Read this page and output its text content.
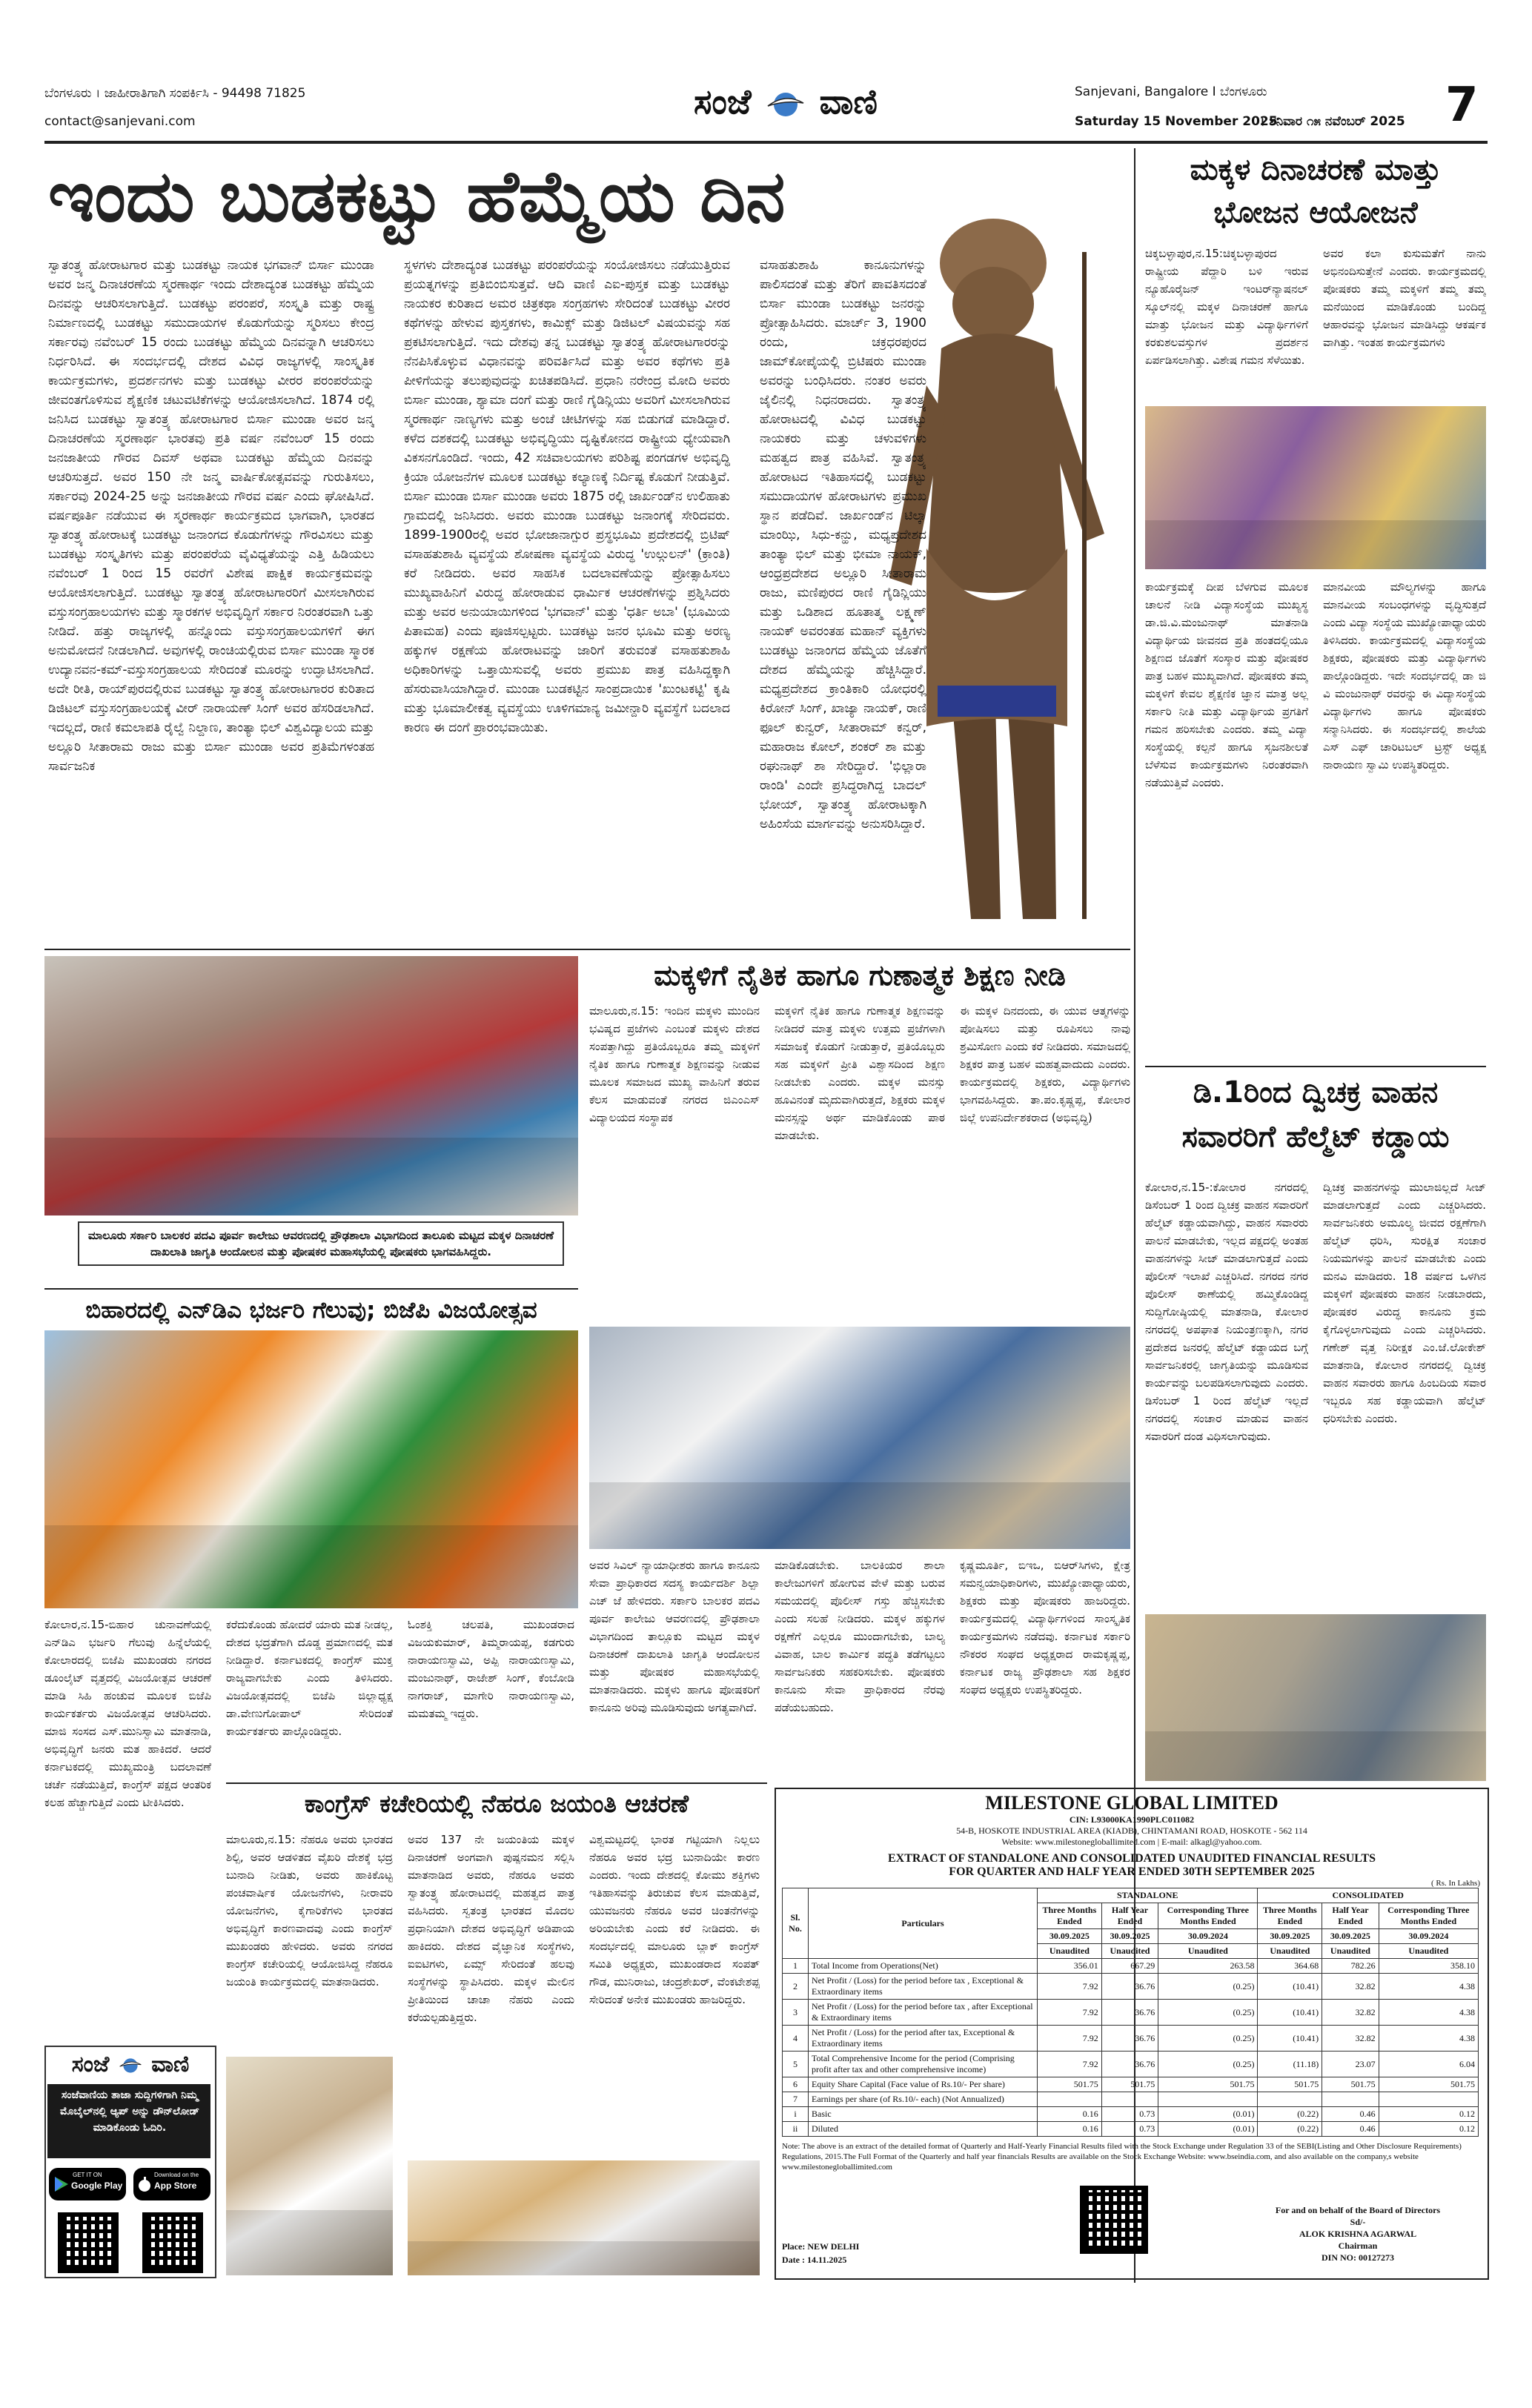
ಬೆಂಗಳೂರು । ಜಾಹೀರಾತಿಗಾಗಿ ಸಂಪರ್ಕಿಸಿ - 94498 71825
contact@sanjevani.com	ಸಂಜೆ ವಾಣಿ	Sanjevani, Bangalore I ಬೆಂಗಳೂರು
Saturday 15 November 2025
। ಶನಿವಾರ ೧೫ ನವೆಂಬರ್ 2025 7
ಇಂದು ಬುಡಕಟ್ಟು ಹೆಮ್ಮೆಯ ದಿನ
ಸ್ವಾತಂತ್ರ್ಯ ಹೋರಾಟಗಾರ ಮತ್ತು ಬುಡಕಟ್ಟು ನಾಯಕ ಭಗವಾನ್ ಬಿರ್ಸಾ ಮುಂಡಾ ಅವರ ಜನ್ಮ ದಿನಾಚರಣೆಯ ಸ್ಮರಣಾರ್ಥ ಇಂದು ದೇಶಾದ್ಯಂತ ಬುಡಕಟ್ಟು ಹೆಮ್ಮೆಯ ದಿನವನ್ನು ಆಚರಿಸಲಾಗುತ್ತಿದೆ. ಬುಡಕಟ್ಟು ಪರಂಪರೆ, ಸಂಸ್ಕೃತಿ ಮತ್ತು ರಾಷ್ಟ್ರ ನಿರ್ಮಾಣದಲ್ಲಿ ಬುಡಕಟ್ಟು ಸಮುದಾಯಗಳ ಕೊಡುಗೆಯನ್ನು ಸ್ಮರಿಸಲು ಕೇಂದ್ರ ಸರ್ಕಾರವು ನವೆಂಬರ್ 15 ರಂದು ಬುಡಕಟ್ಟು ಹೆಮ್ಮೆಯ ದಿನವನ್ನಾಗಿ ಆಚರಿಸಲು ನಿರ್ಧರಿಸಿದೆ. ಈ ಸಂದರ್ಭದಲ್ಲಿ ದೇಶದ ವಿವಿಧ ರಾಜ್ಯಗಳಲ್ಲಿ ಸಾಂಸ್ಕೃತಿಕ ಕಾರ್ಯಕ್ರಮಗಳು, ಪ್ರದರ್ಶನಗಳು ಮತ್ತು ಬುಡಕಟ್ಟು ವೀರರ ಪರಂಪರೆಯನ್ನು ಜೀವಂತಗೊಳಿಸುವ ಶೈಕ್ಷಣಿಕ ಚಟುವಟಿಕೆಗಳನ್ನು ಆಯೋಜಿಸಲಾಗಿದೆ. 1874 ರಲ್ಲಿ ಜನಿಸಿದ ಬುಡಕಟ್ಟು ಸ್ವಾತಂತ್ರ್ಯ ಹೋರಾಟಗಾರ ಬಿರ್ಸಾ ಮುಂಡಾ ಅವರ ಜನ್ಮ ದಿನಾಚರಣೆಯ ಸ್ಮರಣಾರ್ಥ ಭಾರತವು ಪ್ರತಿ ವರ್ಷ ನವೆಂಬರ್ 15 ರಂದು ಜನಜಾತೀಯ ಗೌರವ ದಿವಸ್ ಅಥವಾ ಬುಡಕಟ್ಟು ಹೆಮ್ಮೆಯ ದಿನವನ್ನು ಆಚರಿಸುತ್ತದೆ. ಅವರ 150 ನೇ ಜನ್ಮ ವಾರ್ಷಿಕೋತ್ಸವವನ್ನು ಗುರುತಿಸಲು, ಸರ್ಕಾರವು 2024-25 ಅನ್ನು ಜನಜಾತೀಯ ಗೌರವ ವರ್ಷ ಎಂದು ಘೋಷಿಸಿದೆ. ವರ್ಷಪೂರ್ತಿ ನಡೆಯುವ ಈ ಸ್ಮರಣಾರ್ಥ ಕಾರ್ಯಕ್ರಮದ ಭಾಗವಾಗಿ, ಭಾರತದ ಸ್ವಾತಂತ್ರ್ಯ ಹೋರಾಟಕ್ಕೆ ಬುಡಕಟ್ಟು ಜನಾಂಗದ ಕೊಡುಗೆಗಳನ್ನು ಗೌರವಿಸಲು ಮತ್ತು ಬುಡಕಟ್ಟು ಸಂಸ್ಕೃತಿಗಳು ಮತ್ತು ಪರಂಪರೆಯ ವೈವಿಧ್ಯತೆಯನ್ನು ಎತ್ತಿ ಹಿಡಿಯಲು ನವೆಂಬರ್ 1 ರಿಂದ 15 ರವರೆಗೆ ವಿಶೇಷ ಪಾಕ್ಷಿಕ ಕಾರ್ಯಕ್ರಮವನ್ನು ಆಯೋಜಿಸಲಾಗುತ್ತಿದೆ. ಬುಡಕಟ್ಟು ಸ್ವಾತಂತ್ರ್ಯ ಹೋರಾಟಗಾರರಿಗೆ ಮೀಸಲಾಗಿರುವ ವಸ್ತುಸಂಗ್ರಹಾಲಯಗಳು ಮತ್ತು ಸ್ಮಾರಕಗಳ ಅಭಿವೃದ್ಧಿಗೆ ಸರ್ಕಾರ ನಿರಂತರವಾಗಿ ಒತ್ತು ನೀಡಿದೆ. ಹತ್ತು ರಾಜ್ಯಗಳಲ್ಲಿ ಹನ್ನೊಂದು ವಸ್ತುಸಂಗ್ರಹಾಲಯಗಳಿಗೆ ಈಗ ಅನುಮೋದನೆ ನೀಡಲಾಗಿದೆ. ಅವುಗಳಲ್ಲಿ ರಾಂಚಿಯಲ್ಲಿರುವ ಬಿರ್ಸಾ ಮುಂಡಾ ಸ್ಮಾರಕ ಉದ್ಯಾನವನ-ಕಮ್-ವಸ್ತುಸಂಗ್ರಹಾಲಯ ಸೇರಿದಂತೆ ಮೂರನ್ನು ಉದ್ಘಾಟಿಸಲಾಗಿದೆ. ಅದೇ ರೀತಿ, ರಾಯ್‌ಪುರದಲ್ಲಿರುವ ಬುಡಕಟ್ಟು ಸ್ವಾತಂತ್ರ್ಯ ಹೋರಾಟಗಾರರ ಕುರಿತಾದ ಡಿಜಿಟಲ್ ವಸ್ತುಸಂಗ್ರಹಾಲಯಕ್ಕೆ ವೀರ್ ನಾರಾಯಣ್ ಸಿಂಗ್ ಅವರ ಹೆಸರಿಡಲಾಗಿದೆ. ಇದಲ್ಲದೆ, ರಾಣಿ ಕಮಲಾಪತಿ ರೈಲ್ವೆ ನಿಲ್ದಾಣ, ತಾಂತ್ಯಾ ಭಿಲ್ ವಿಶ್ವವಿದ್ಯಾಲಯ ಮತ್ತು ಅಲ್ಲೂರಿ ಸೀತಾರಾಮ ರಾಜು ಮತ್ತು ಬಿರ್ಸಾ ಮುಂಡಾ ಅವರ ಪ್ರತಿಮೆಗಳಂತಹ ಸಾರ್ವಜನಿಕ
ಸ್ಥಳಗಳು ದೇಶಾದ್ಯಂತ ಬುಡಕಟ್ಟು ಪರಂಪರೆಯನ್ನು ಸಂಯೋಜಿಸಲು ನಡೆಯುತ್ತಿರುವ ಪ್ರಯತ್ನಗಳನ್ನು ಪ್ರತಿಬಿಂಬಿಸುತ್ತವೆ. ಆದಿ ವಾಣಿ ಎಐ-ಪುಸ್ತಕ ಮತ್ತು ಬುಡಕಟ್ಟು ನಾಯಕರ ಕುರಿತಾದ ಅಮರ ಚಿತ್ರಕಥಾ ಸಂಗ್ರಹಗಳು ಸೇರಿದಂತೆ ಬುಡಕಟ್ಟು ವೀರರ ಕಥೆಗಳನ್ನು ಹೇಳುವ ಪುಸ್ತಕಗಳು, ಕಾಮಿಕ್ಸ್ ಮತ್ತು ಡಿಜಿಟಲ್ ವಿಷಯವನ್ನು ಸಹ ಪ್ರಕಟಿಸಲಾಗುತ್ತಿದೆ. ಇದು ದೇಶವು ತನ್ನ ಬುಡಕಟ್ಟು ಸ್ವಾತಂತ್ರ್ಯ ಹೋರಾಟಗಾರರನ್ನು ನೆನಪಿಸಿಕೊಳ್ಳುವ ವಿಧಾನವನ್ನು ಪರಿವರ್ತಿಸಿದೆ ಮತ್ತು ಅವರ ಕಥೆಗಳು ಪ್ರತಿ ಪೀಳಿಗೆಯನ್ನು ತಲುಪುವುದನ್ನು ಖಚಿತಪಡಿಸಿದೆ. ಪ್ರಧಾನಿ ನರೇಂದ್ರ ಮೋದಿ ಅವರು ಬಿರ್ಸಾ ಮುಂಡಾ, ಶ್ಯಾಮಾ ದಂಗೆ ಮತ್ತು ರಾಣಿ ಗೈಡಿನ್ಲಿಯು ಅವರಿಗೆ ಮೀಸಲಾಗಿರುವ ಸ್ಮರಣಾರ್ಥ ನಾಣ್ಯಗಳು ಮತ್ತು ಅಂಚೆ ಚೀಟಿಗಳನ್ನು ಸಹ ಬಿಡುಗಡೆ ಮಾಡಿದ್ದಾರೆ. ಕಳೆದ ದಶಕದಲ್ಲಿ ಬುಡಕಟ್ಟು ಅಭಿವೃದ್ಧಿಯು ದೃಷ್ಟಿಕೋನದ ರಾಷ್ಟ್ರೀಯ ಧ್ಯೇಯವಾಗಿ ವಿಕಸನಗೊಂಡಿದೆ. ಇಂದು, 42 ಸಚಿವಾಲಯಗಳು ಪರಿಶಿಷ್ಟ ಪಂಗಡಗಳ ಅಭಿವೃದ್ಧಿ ಕ್ರಿಯಾ ಯೋಜನೆಗಳ ಮೂಲಕ ಬುಡಕಟ್ಟು ಕಲ್ಯಾಣಕ್ಕೆ ನಿರ್ದಿಷ್ಟ ಕೊಡುಗೆ ನೀಡುತ್ತಿವೆ. ಬಿರ್ಸಾ ಮುಂಡಾ ಬಿರ್ಸಾ ಮುಂಡಾ ಅವರು 1875 ರಲ್ಲಿ ಜಾರ್ಖಂಡ್‌ನ ಉಲಿಹಾತು ಗ್ರಾಮದಲ್ಲಿ ಜನಿಸಿದರು. ಅವರು ಮುಂಡಾ ಬುಡಕಟ್ಟು ಜನಾಂಗಕ್ಕೆ ಸೇರಿದವರು. 1899-1900ರಲ್ಲಿ ಅವರ ಭೋಜಾನಾಗ್ಪುರ ಪ್ರಸ್ಥಭೂಮಿ ಪ್ರದೇಶದಲ್ಲಿ ಬ್ರಿಟಿಷ್ ವಸಾಹತುಶಾಹಿ ವ್ಯವಸ್ಥೆಯ ಶೋಷಣಾ ವ್ಯವಸ್ಥೆಯ ವಿರುದ್ಧ 'ಉಲ್ಗುಲನ್' (ಕ್ರಾಂತಿ) ಕರೆ ನೀಡಿದರು. ಅವರ ಸಾಹಸಿಕ ಬದಲಾವಣೆಯನ್ನು ಪ್ರೋತ್ಸಾಹಿಸಲು ಮುಖ್ಯವಾಹಿನಿಗೆ ವಿರುದ್ಧ ಹೋರಾಡುವ ಧಾರ್ಮಿಕ ಆಚರಣೆಗಳನ್ನು ಪ್ರಶ್ನಿಸಿದರು ಮತ್ತು ಅವರ ಅನುಯಾಯಿಗಳಿಂದ 'ಭಗವಾನ್' ಮತ್ತು 'ಧರ್ತಿ ಅಬಾ' (ಭೂಮಿಯ ಪಿತಾಮಹ) ಎಂದು ಪೂಜಿಸಲ್ಪಟ್ಟರು. ಬುಡಕಟ್ಟು ಜನರ ಭೂಮಿ ಮತ್ತು ಅರಣ್ಯ ಹಕ್ಕುಗಳ ರಕ್ಷಣೆಯ ಹೋರಾಟವನ್ನು ಜಾರಿಗೆ ತರುವಂತೆ ವಸಾಹತುಶಾಹಿ ಅಧಿಕಾರಿಗಳನ್ನು ಒತ್ತಾಯಿಸುವಲ್ಲಿ ಅವರು ಪ್ರಮುಖ ಪಾತ್ರ ವಹಿಸಿದ್ದಕ್ಕಾಗಿ ಹೆಸರುವಾಸಿಯಾಗಿದ್ದಾರೆ. ಮುಂಡಾ ಬುಡಕಟ್ಟಿನ ಸಾಂಪ್ರದಾಯಿಕ 'ಖುಂಟಕಟ್ಟಿ' ಕೃಷಿ ಮತ್ತು ಭೂಮಾಲೀಕತ್ವ ವ್ಯವಸ್ಥೆಯು ಊಳಿಗಮಾನ್ಯ ಜಮೀನ್ದಾರಿ ವ್ಯವಸ್ಥೆಗೆ ಬದಲಾದ ಕಾರಣ ಈ ದಂಗೆ ಪ್ರಾರಂಭವಾಯಿತು.
ವಸಾಹತುಶಾಹಿ ಕಾನೂನುಗಳನ್ನು ಪಾಲಿಸದಂತೆ ಮತ್ತು ತೆರಿಗೆ ಪಾವತಿಸದಂತೆ ಬಿರ್ಸಾ ಮುಂಡಾ ಬುಡಕಟ್ಟು ಜನರನ್ನು ಪ್ರೋತ್ಸಾಹಿಸಿದರು. ಮಾರ್ಚ್ 3, 1900 ರಂದು, ಚಕ್ರಧರಪುರದ ಜಾಮ್‌ಕೋಪೈಯಲ್ಲಿ ಬ್ರಿಟಿಷರು ಮುಂಡಾ ಅವರನ್ನು ಬಂಧಿಸಿದರು. ನಂತರ ಅವರು ಜೈಲಿನಲ್ಲಿ ನಿಧನರಾದರು. ಸ್ವಾತಂತ್ರ್ಯ ಹೋರಾಟದಲ್ಲಿ ವಿವಿಧ ಬುಡಕಟ್ಟು ನಾಯಕರು ಮತ್ತು ಚಳುವಳಿಗಳು ಮಹತ್ವದ ಪಾತ್ರ ವಹಿಸಿವೆ. ಸ್ವಾತಂತ್ರ್ಯ ಹೋರಾಟದ ಇತಿಹಾಸದಲ್ಲಿ ಬುಡಕಟ್ಟು ಸಮುದಾಯಗಳ ಹೋರಾಟಗಳು ಪ್ರಮುಖ ಸ್ಥಾನ ಪಡೆದಿವೆ. ಜಾರ್ಖಂಡ್‌ನ ಟಿಲ್ಕಾ ಮಾಂಝಿ, ಸಿಧು-ಕನ್ಹು, ಮಧ್ಯಪ್ರದೇಶದ ತಾಂತ್ಯಾ ಭಿಲ್ ಮತ್ತು ಭೀಮಾ ನಾಯಕ್, ಆಂಧ್ರಪ್ರದೇಶದ ಅಲ್ಲೂರಿ ಸೀತಾರಾಮ ರಾಜು, ಮಣಿಪುರದ ರಾಣಿ ಗೈಡಿನ್ಲಿಯು ಮತ್ತು ಒಡಿಶಾದ ಹೂತಾತ್ಮ ಲಕ್ಷ್ಮಣ್ ನಾಯಕ್ ಅವರಂತಹ ಮಹಾನ್ ವ್ಯಕ್ತಿಗಳು ಬುಡಕಟ್ಟು ಜನಾಂಗದ ಹೆಮ್ಮೆಯ ಜೊತೆಗೆ ದೇಶದ ಹೆಮ್ಮೆಯನ್ನು ಹೆಚ್ಚಿಸಿದ್ದಾರೆ. ಮಧ್ಯಪ್ರದೇಶದ ಕ್ರಾಂತಿಕಾರಿ ಯೋಧರಲ್ಲಿ ಕಿರೋನ್ ಸಿಂಗ್, ಖಾಜ್ಯಾ ನಾಯಕ್, ರಾಣಿ ಫೂಲ್ ಕುನ್ವರ್, ಸೀತಾರಾಮ್ ಕನ್ವರ್, ಮಹಾರಾಜ ಕೋಲ್, ಶಂಕರ್ ಶಾ ಮತ್ತು ರಘುನಾಥ್ ಶಾ ಸೇರಿದ್ದಾರೆ. 'ಭಿಲ್ಲಾರಾ ರಾಂಡಿ' ಎಂದೇ ಪ್ರಸಿದ್ಧರಾಗಿದ್ದ ಬಾದಲ್ ಭೋಯ್, ಸ್ವಾತಂತ್ರ್ಯ ಹೋರಾಟಕ್ಕಾಗಿ ಅಹಿಂಸೆಯ ಮಾರ್ಗವನ್ನು ಅನುಸರಿಸಿದ್ದಾರೆ.
ಮಕ್ಕಳ ದಿನಾಚರಣೆ ಮಾತ್ತು ಭೋಜನ ಆಯೋಜನೆ
ಚಿಕ್ಕಬಳ್ಳಾಪುರ,ನ.15:ಚಿಕ್ಕಬಳ್ಳಾಪುರದ ರಾಷ್ಟ್ರೀಯ ಪೆದ್ದಾರಿ ಬಳಿ ಇರುವ ನ್ಯೂಹೊರೈಜನ್ ಇಂಟರ್‌ನ್ಯಾಷನಲ್ ಸ್ಕೂಲ್‌ನಲ್ಲಿ ಮಕ್ಕಳ ದಿನಾಚರಣೆ ಹಾಗೂ ಮಾತ್ತು ಭೋಜನ ಮತ್ತು ವಿದ್ಯಾರ್ಥಿಗಳಿಗೆ ಕರಕುಶಲವಸ್ತುಗಳ ಪ್ರದರ್ಶನ ಏರ್ಪಡಿಸಲಾಗಿತ್ತು. ವಿಶೇಷ ಗಮನ ಸೆಳೆಯಿತು.
ಅವರ ಕಲಾ ಕುಸುಮತೆಗೆ ನಾನು ಅಭಿನಂದಿಸುತ್ತೇನೆ ಎಂದರು. ಕಾರ್ಯಕ್ರಮದಲ್ಲಿ ಪೋಷಕರು ತಮ್ಮ ಮಕ್ಕಳಿಗೆ ತಮ್ಮ ತಮ್ಮ ಮನೆಯಿಂದ ಮಾಡಿಕೊಂಡು ಬಂದಿದ್ದ ಆಹಾರವನ್ನು ಭೋಜನ ಮಾಡಿಸಿದ್ದು ಆಕರ್ಷಕ ವಾಗಿತ್ತು. ಇಂತಹ ಕಾರ್ಯಕ್ರಮಗಳು
ಕಾರ್ಯಕ್ರಮಕ್ಕೆ ದೀಪ ಬೆಳಗುವ ಮೂಲಕ ಚಾಲನೆ ನೀಡಿ ವಿದ್ಯಾಸಂಸ್ಥೆಯ ಮುಖ್ಯಸ್ಥ ಡಾ.ಜಿ.ವಿ.ಮಂಜುನಾಥ್ ಮಾತನಾಡಿ ವಿದ್ಯಾರ್ಥಿಯ ಜೀವನದ ಪ್ರತಿ ಹಂತದಲ್ಲಿಯೂ ಶಿಕ್ಷಣದ ಜೊತೆಗೆ ಸಂಸ್ಕಾರ ಮತ್ತು ಪೋಷಕರ ಪಾತ್ರ ಬಹಳ ಮುಖ್ಯವಾಗಿದೆ. ಪೋಷಕರು ತಮ್ಮ ಮಕ್ಕಳಿಗೆ ಕೇವಲ ಶೈಕ್ಷಣಿಕ ಜ್ಞಾನ ಮಾತ್ರ ಅಲ್ಲ ಸರ್ಕಾರಿ ನೀತಿ ಮತ್ತು ವಿದ್ಯಾರ್ಥಿಯ ಪ್ರಗತಿಗೆ ಗಮನ ಹರಿಸಬೇಕು ಎಂದರು. ತಮ್ಮ ವಿದ್ಯಾ ಸಂಸ್ಥೆಯಲ್ಲಿ ಕಲ್ಪನೆ ಹಾಗೂ ಸೃಜನಶೀಲತೆ ಬೆಳೆಸುವ ಕಾರ್ಯಕ್ರಮಗಳು ನಿರಂತರವಾಗಿ ನಡೆಯುತ್ತಿವೆ ಎಂದರು.
ಮಾನವೀಯ ಮೌಲ್ಯಗಳನ್ನು ಹಾಗೂ ಮಾನವೀಯ ಸಂಬಂಧಗಳನ್ನು ವೃದ್ಧಿಸುತ್ತದೆ ಎಂದು ವಿದ್ಯಾ ಸಂಸ್ಥೆಯ ಮುಖ್ಯೋಪಾಧ್ಯಾಯರು ತಿಳಿಸಿದರು. ಕಾರ್ಯಕ್ರಮದಲ್ಲಿ ವಿದ್ಯಾಸಂಸ್ಥೆಯ ಶಿಕ್ಷಕರು, ಪೋಷಕರು ಮತ್ತು ವಿದ್ಯಾರ್ಥಿಗಳು ಪಾಲ್ಗೊಂಡಿದ್ದರು. ಇದೇ ಸಂದರ್ಭದಲ್ಲಿ ಡಾ ಜಿ ವಿ ಮಂಜುನಾಥ್ ರವರನ್ನು ಈ ವಿದ್ಯಾಸಂಸ್ಥೆಯ ವಿದ್ಯಾರ್ಥಿಗಳು ಹಾಗೂ ಪೋಷಕರು ಸನ್ಮಾನಿಸಿದರು. ಈ ಸಂದರ್ಭದಲ್ಲಿ ಶಾಲೆಯ ಎಸ್ ಎಫ್ ಚಾರಿಟಬಲ್ ಟ್ರಸ್ಟ್ ಅಧ್ಯಕ್ಷ ನಾರಾಯಣ ಸ್ವಾಮಿ ಉಪಸ್ಥಿತರಿದ್ದರು.
ಡಿ.1ರಿಂದ ದ್ವಿಚಕ್ರ ವಾಹನ
ಸವಾರರಿಗೆ ಹೆಲ್ಮೆಟ್ ಕಡ್ಡಾಯ
ಕೋಲಾರ,ನ.15-:ಕೋಲಾರ ನಗರದಲ್ಲಿ ಡಿಸೆಂಬರ್ 1 ರಿಂದ ದ್ವಿಚಕ್ರ ವಾಹನ ಸವಾರರಿಗೆ ಹೆಲ್ಮೆಟ್ ಕಡ್ಡಾಯವಾಗಿದ್ದು, ವಾಹನ ಸವಾರರು ಪಾಲನೆ ಮಾಡಬೇಕು, ಇಲ್ಲದ ಪಕ್ಷದಲ್ಲಿ ಅಂತಹ ವಾಹನಗಳನ್ನು ಸೀಜ್ ಮಾಡಲಾಗುತ್ತದೆ ಎಂದು ಪೊಲೀಸ್ ಇಲಾಖೆ ಎಚ್ಚರಿಸಿದೆ. ನಗರದ ನಗರ ಪೊಲೀಸ್ ಠಾಣೆಯಲ್ಲಿ ಹಮ್ಮಿಕೊಂಡಿದ್ದ ಸುದ್ದಿಗೋಷ್ಠಿಯಲ್ಲಿ ಮಾತನಾಡಿ, ಕೋಲಾರ ನಗರದಲ್ಲಿ ಅಪಘಾತ ನಿಯಂತ್ರಣಕ್ಕಾಗಿ, ನಗರ ಪ್ರದೇಶದ ಜನರಲ್ಲಿ ಹೆಲ್ಮೆಟ್ ಕಡ್ಡಾಯದ ಬಗ್ಗೆ ಸಾರ್ವಜನಿಕರಲ್ಲಿ ಜಾಗೃತಿಯನ್ನು ಮೂಡಿಸುವ ಕಾರ್ಯವನ್ನು ಬಲಪಡಿಸಲಾಗುವುದು ಎಂದರು. ಡಿಸೆಂಬರ್ 1 ರಿಂದ ಹೆಲ್ಮೆಟ್ ಇಲ್ಲದೆ ನಗರದಲ್ಲಿ ಸಂಚಾರ ಮಾಡುವ ವಾಹನ ಸವಾರರಿಗೆ ದಂಡ ವಿಧಿಸಲಾಗುವುದು.
ದ್ವಿಚಕ್ರ ವಾಹನಗಳನ್ನು ಮುಲಾಜಿಲ್ಲದೆ ಸೀಜ್ ಮಾಡಲಾಗುತ್ತದೆ ಎಂದು ಎಚ್ಚರಿಸಿದರು. ಸಾರ್ವಜನಿಕರು ಅಮೂಲ್ಯ ಜೀವದ ರಕ್ಷಣೆಗಾಗಿ ಹೆಲ್ಮೆಟ್ ಧರಿಸಿ, ಸುರಕ್ಷಿತ ಸಂಚಾರ ನಿಯಮಗಳನ್ನು ಪಾಲನೆ ಮಾಡಬೇಕು ಎಂದು ಮನವಿ ಮಾಡಿದರು. 18 ವರ್ಷದ ಒಳಗಿನ ಮಕ್ಕಳಿಗೆ ಪೋಷಕರು ವಾಹನ ನೀಡಬಾರದು, ಪೋಷಕರ ವಿರುದ್ಧ ಕಾನೂನು ಕ್ರಮ ಕೈಗೊಳ್ಳಲಾಗುವುದು ಎಂದು ಎಚ್ಚರಿಸಿದರು. ಗಣೇಶ್ ವೃತ್ತ ನಿರೀಕ್ಷಕ ಎಂ.ಜೆ.ಲೋಕೇಶ್ ಮಾತನಾಡಿ, ಕೋಲಾರ ನಗರದಲ್ಲಿ ದ್ವಿಚಕ್ರ ವಾಹನ ಸವಾರರು ಹಾಗೂ ಹಿಂಬದಿಯ ಸವಾರ ಇಬ್ಬರೂ ಸಹ ಕಡ್ಡಾಯವಾಗಿ ಹೆಲ್ಮೆಟ್ ಧರಿಸಬೇಕು ಎಂದರು.
ಮಾಲೂರು ಸರ್ಕಾರಿ ಬಾಲಕರ ಪದವಿ ಪೂರ್ವ ಕಾಲೇಜು ಆವರಣದಲ್ಲಿ ಪ್ರೌಢಶಾಲಾ ವಿಭಾಗದಿಂದ ತಾಲೂಕು ಮಟ್ಟದ ಮಕ್ಕಳ ದಿನಾಚರಣೆ ದಾಖಲಾತಿ ಜಾಗೃತಿ ಆಂದೋಲನ ಮತ್ತು ಪೋಷಕರ ಮಹಾಸಭೆಯಲ್ಲಿ ಪೋಷಕರು ಭಾಗವಹಿಸಿದ್ದರು.
ಮಕ್ಕಳಿಗೆ ನೈತಿಕ ಹಾಗೂ ಗುಣಾತ್ಮಕ ಶಿಕ್ಷಣ ನೀಡಿ
ಮಾಲೂರು,ನ.15: ಇಂದಿನ ಮಕ್ಕಳು ಮುಂದಿನ ಭವಿಷ್ಯದ ಪ್ರಜೆಗಳು ಎಂಬಂತೆ ಮಕ್ಕಳು ದೇಶದ ಸಂಪತ್ತಾಗಿದ್ದು ಪ್ರತಿಯೊಬ್ಬರೂ ತಮ್ಮ ಮಕ್ಕಳಿಗೆ ನೈತಿಕ ಹಾಗೂ ಗುಣಾತ್ಮಕ ಶಿಕ್ಷಣವನ್ನು ನೀಡುವ ಮೂಲಕ ಸಮಾಜದ ಮುಖ್ಯ ವಾಹಿನಿಗೆ ತರುವ ಕೆಲಸ ಮಾಡುವಂತೆ ನಗರದ ಜಿಎಂಎಸ್ ವಿದ್ಯಾಲಯದ ಸಂಸ್ಥಾಪಕ
ಮಕ್ಕಳಿಗೆ ನೈತಿಕ ಹಾಗೂ ಗುಣಾತ್ಮಕ ಶಿಕ್ಷಣವನ್ನು ನೀಡಿದರೆ ಮಾತ್ರ ಮಕ್ಕಳು ಉತ್ತಮ ಪ್ರಜೆಗಳಾಗಿ ಸಮಾಜಕ್ಕೆ ಕೊಡುಗೆ ನೀಡುತ್ತಾರೆ, ಪ್ರತಿಯೊಬ್ಬರು ಸಹ ಮಕ್ಕಳಿಗೆ ಪ್ರೀತಿ ವಿಶ್ವಾಸದಿಂದ ಶಿಕ್ಷಣ ನೀಡಬೇಕು ಎಂದರು. ಮಕ್ಕಳ ಮನಸ್ಸು ಹೂವಿನಂತೆ ಮೃದುವಾಗಿರುತ್ತದೆ, ಶಿಕ್ಷಕರು ಮಕ್ಕಳ ಮನಸ್ಸನ್ನು ಅರ್ಥ ಮಾಡಿಕೊಂಡು ಪಾಠ ಮಾಡಬೇಕು.
ಈ ಮಕ್ಕಳ ದಿನದಂದು, ಈ ಯುವ ಆತ್ಮಗಳನ್ನು ಪೋಷಿಸಲು ಮತ್ತು ರೂಪಿಸಲು ನಾವು ಶ್ರಮಿಸೋಣ ಎಂದು ಕರೆ ನೀಡಿದರು. ಸಮಾಜದಲ್ಲಿ ಶಿಕ್ಷಕರ ಪಾತ್ರ ಬಹಳ ಮಹತ್ವವಾದುದು ಎಂದರು. ಕಾರ್ಯಕ್ರಮದಲ್ಲಿ ಶಿಕ್ಷಕರು, ವಿದ್ಯಾರ್ಥಿಗಳು ಭಾಗವಹಿಸಿದ್ದರು. ತಾ.ಪಂ.ಕೃಷ್ಣಪ್ಪ, ಕೋಲಾರ ಜಿಲ್ಲೆ ಉಪನಿರ್ದೇಶಕರಾದ (ಅಭಿವೃದ್ಧಿ)
ಅವರ ಸಿವಿಲ್ ನ್ಯಾಯಾಧೀಶರು ಹಾಗೂ ಕಾನೂನು ಸೇವಾ ಪ್ರಾಧಿಕಾರದ ಸದಸ್ಯ ಕಾರ್ಯದರ್ಶಿ ಶಿಲ್ಪಾ ಎಚ್ ಜೆ ಹೇಳಿದರು. ಸರ್ಕಾರಿ ಬಾಲಕರ ಪದವಿ ಪೂರ್ವ ಕಾಲೇಜು ಆವರಣದಲ್ಲಿ ಪ್ರೌಢಶಾಲಾ ವಿಭಾಗದಿಂದ ತಾಲ್ಲೂಕು ಮಟ್ಟದ ಮಕ್ಕಳ ದಿನಾಚರಣೆ ದಾಖಲಾತಿ ಜಾಗೃತಿ ಆಂದೋಲನ ಮತ್ತು ಪೋಷಕರ ಮಹಾಸಭೆಯಲ್ಲಿ ಮಾತನಾಡಿದರು. ಮಕ್ಕಳು ಹಾಗೂ ಪೋಷಕರಿಗೆ ಕಾನೂನು ಅರಿವು ಮೂಡಿಸುವುದು ಅಗತ್ಯವಾಗಿದೆ.
ಮಾಡಿಕೊಡಬೇಕು. ಬಾಲಕಿಯರ ಶಾಲಾ ಕಾಲೇಜುಗಳಿಗೆ ಹೋಗುವ ವೇಳೆ ಮತ್ತು ಬರುವ ಸಮಯದಲ್ಲಿ ಪೊಲೀಸ್ ಗಸ್ತು ಹೆಚ್ಚಿಸಬೇಕು ಎಂದು ಸಲಹೆ ನೀಡಿದರು. ಮಕ್ಕಳ ಹಕ್ಕುಗಳ ರಕ್ಷಣೆಗೆ ಎಲ್ಲರೂ ಮುಂದಾಗಬೇಕು, ಬಾಲ್ಯ ವಿವಾಹ, ಬಾಲ ಕಾರ್ಮಿಕ ಪದ್ಧತಿ ತಡೆಗಟ್ಟಲು ಸಾರ್ವಜನಿಕರು ಸಹಕರಿಸಬೇಕು. ಪೋಷಕರು ಕಾನೂನು ಸೇವಾ ಪ್ರಾಧಿಕಾರದ ನೆರವು ಪಡೆಯಬಹುದು.
ಕೃಷ್ಣಮೂರ್ತಿ, ಬಿಇಒ, ಬಿಆರ್‌ಸಿಗಳು, ಕ್ಷೇತ್ರ ಸಮನ್ವಯಾಧಿಕಾರಿಗಳು, ಮುಖ್ಯೋಪಾಧ್ಯಾಯರು, ಶಿಕ್ಷಕರು ಮತ್ತು ಪೋಷಕರು ಹಾಜರಿದ್ದರು. ಕಾರ್ಯಕ್ರಮದಲ್ಲಿ ವಿದ್ಯಾರ್ಥಿಗಳಿಂದ ಸಾಂಸ್ಕೃತಿಕ ಕಾರ್ಯಕ್ರಮಗಳು ನಡೆದವು. ಕರ್ನಾಟಕ ಸರ್ಕಾರಿ ನೌಕರರ ಸಂಘದ ಅಧ್ಯಕ್ಷರಾದ ರಾಮಕೃಷ್ಣಪ್ಪ, ಕರ್ನಾಟಕ ರಾಜ್ಯ ಪ್ರೌಢಶಾಲಾ ಸಹ ಶಿಕ್ಷಕರ ಸಂಘದ ಅಧ್ಯಕ್ಷರು ಉಪಸ್ಥಿತರಿದ್ದರು.
ಬಿಹಾರದಲ್ಲಿ ಎನ್‌ಡಿಎ ಭರ್ಜರಿ ಗೆಲುವು; ಬಿಜೆಪಿ ವಿಜಯೋತ್ಸವ
ಕೋಲಾರ,ನ.15-ಬಿಹಾರ ಚುನಾವಣೆಯಲ್ಲಿ ಎನ್‌ಡಿಎ ಭರ್ಜರಿ ಗೆಲುವು ಹಿನ್ನೆಲೆಯಲ್ಲಿ ಕೋಲಾರದಲ್ಲಿ ಬಿಜೆಪಿ ಮುಖಂಡರು ನಗರದ ಡೂಂಲೈಟ್ ವೃತ್ತದಲ್ಲಿ ವಿಜಯೋತ್ಸವ ಆಚರಣೆ ಮಾಡಿ ಸಿಹಿ ಹಂಚುವ ಮೂಲಕ ಬಿಜೆಪಿ ಕಾರ್ಯಕರ್ತರು ವಿಜಯೋತ್ಸವ ಆಚರಿಸಿದರು. ಮಾಜಿ ಸಂಸದ ಎಸ್.ಮುನಿಸ್ವಾಮಿ ಮಾತನಾಡಿ, ಅಭಿವೃದ್ಧಿಗೆ ಜನರು ಮತ ಹಾಕಿದರೆ. ಆದರೆ ಕರ್ನಾಟಕದಲ್ಲಿ ಮುಖ್ಯಮಂತ್ರಿ ಬದಲಾವಣೆ ಚರ್ಚೆ ನಡೆಯುತ್ತಿದೆ, ಕಾಂಗ್ರೆಸ್ ಪಕ್ಷದ ಆಂತರಿಕ ಕಲಹ ಹೆಚ್ಚಾಗುತ್ತಿದೆ ಎಂದು ಟೀಕಿಸಿದರು.
ಕರೆದುಕೊಂಡು ಹೋದರೆ ಯಾರು ಮತ ನೀಡಲ್ಲ, ದೇಶದ ಭದ್ರತೆಗಾಗಿ ದೊಡ್ಡ ಪ್ರಮಾಣದಲ್ಲಿ ಮತ ನೀಡಿದ್ದಾರೆ. ಕರ್ನಾಟಕದಲ್ಲಿ ಕಾಂಗ್ರೆಸ್ ಮುಕ್ತ ರಾಜ್ಯವಾಗಬೇಕು ಎಂದು ತಿಳಿಸಿದರು. ವಿಜಯೋತ್ಸವದಲ್ಲಿ ಬಿಜೆಪಿ ಜಿಲ್ಲಾಧ್ಯಕ್ಷ ಡಾ.ವೇಣುಗೋಪಾಲ್ ಸೇರಿದಂತೆ ಕಾರ್ಯಕರ್ತರು ಪಾಲ್ಗೊಂಡಿದ್ದರು.
ಓಂಶಕ್ತಿ ಚಲಪತಿ, ಮುಖಂಡರಾದ ವಿಜಯಕುಮಾರ್, ತಿಮ್ಮರಾಯಪ್ಪ, ಕಡಗುರು ನಾರಾಯಣಸ್ವಾಮಿ, ಅಪ್ಪಿ ನಾರಾಯಣಸ್ವಾಮಿ, ಮಂಜುನಾಥ್, ರಾಜೇಶ್ ಸಿಂಗ್, ಕೆಂಬೋಡಿ ನಾಗರಾಜ್, ಮಾಗೇರಿ ನಾರಾಯಣಸ್ವಾಮಿ, ಮಮತಮ್ಮ ಇದ್ದರು.
ಕಾಂಗ್ರೆಸ್ ಕಚೇರಿಯಲ್ಲಿ ನೆಹರೂ ಜಯಂತಿ ಆಚರಣೆ
ಮಾಲೂರು,ನ.15: ನೆಹರೂ ಅವರು ಭಾರತದ ಶಿಲ್ಪಿ, ಅವರ ಆಡಳಿತದ ವೈಖರಿ ದೇಶಕ್ಕೆ ಭದ್ರ ಬುನಾದಿ ನೀಡಿತು, ಅವರು ಹಾಕಿಕೊಟ್ಟ ಪಂಚವಾರ್ಷಿಕ ಯೋಜನೆಗಳು, ನೀರಾವರಿ ಯೋಜನೆಗಳು, ಕೈಗಾರಿಕೆಗಳು ಭಾರತದ ಅಭಿವೃದ್ಧಿಗೆ ಕಾರಣವಾದವು ಎಂದು ಕಾಂಗ್ರೆಸ್ ಮುಖಂಡರು ಹೇಳಿದರು. ಅವರು ನಗರದ ಕಾಂಗ್ರೆಸ್ ಕಚೇರಿಯಲ್ಲಿ ಆಯೋಜಿಸಿದ್ದ ನೆಹರೂ ಜಯಂತಿ ಕಾರ್ಯಕ್ರಮದಲ್ಲಿ ಮಾತನಾಡಿದರು.
ಅವರ 137 ನೇ ಜಯಂತಿಯ ಮಕ್ಕಳ ದಿನಾಚರಣೆ ಅಂಗವಾಗಿ ಪುಷ್ಪನಮನ ಸಲ್ಲಿಸಿ ಮಾತನಾಡಿದ ಅವರು, ನೆಹರೂ ಅವರು ಸ್ವಾತಂತ್ರ್ಯ ಹೋರಾಟದಲ್ಲಿ ಮಹತ್ವದ ಪಾತ್ರ ವಹಿಸಿದರು. ಸ್ವತಂತ್ರ ಭಾರತದ ಮೊದಲ ಪ್ರಧಾನಿಯಾಗಿ ದೇಶದ ಅಭಿವೃದ್ಧಿಗೆ ಅಡಿಪಾಯ ಹಾಕಿದರು. ದೇಶದ ವೈಜ್ಞಾನಿಕ ಸಂಸ್ಥೆಗಳು, ಐಐಟಿಗಳು, ಏಮ್ಸ್ ಸೇರಿದಂತೆ ಹಲವು ಸಂಸ್ಥೆಗಳನ್ನು ಸ್ಥಾಪಿಸಿದರು. ಮಕ್ಕಳ ಮೇಲಿನ ಪ್ರೀತಿಯಿಂದ ಚಾಚಾ ನೆಹರು ಎಂದು ಕರೆಯಲ್ಪಡುತ್ತಿದ್ದರು.
ವಿಶ್ವಮಟ್ಟದಲ್ಲಿ ಭಾರತ ಗಟ್ಟಿಯಾಗಿ ನಿಲ್ಲಲು ನೆಹರೂ ಅವರ ಭದ್ರ ಬುನಾದಿಯೇ ಕಾರಣ ಎಂದರು. ಇಂದು ದೇಶದಲ್ಲಿ ಕೋಮು ಶಕ್ತಿಗಳು ಇತಿಹಾಸವನ್ನು ತಿರುಚುವ ಕೆಲಸ ಮಾಡುತ್ತಿವೆ, ಯುವಜನರು ನೆಹರೂ ಅವರ ಚಿಂತನೆಗಳನ್ನು ಅರಿಯಬೇಕು ಎಂದು ಕರೆ ನೀಡಿದರು. ಈ ಸಂದರ್ಭದಲ್ಲಿ ಮಾಲೂರು ಬ್ಲಾಕ್ ಕಾಂಗ್ರೆಸ್ ಸಮಿತಿ ಅಧ್ಯಕ್ಷರು, ಮುಖಂಡರಾದ ಸಂಪತ್ ಗೌಡ, ಮುನಿರಾಜು, ಚಂದ್ರಶೇಖರ್, ವೆಂಕಟೇಶಪ್ಪ ಸೇರಿದಂತೆ ಅನೇಕ ಮುಖಂಡರು ಹಾಜರಿದ್ದರು.
ಸಂಜೆ ವಾಣಿ
ಸಂಜೆವಾಣಿಯ ತಾಜಾ ಸುದ್ದಿಗಳಿಗಾಗಿ ನಿಮ್ಮ ಮೊಬೈಲ್‌ನಲ್ಲಿ ಆ್ಯಪ್ ಅನ್ನು ಡೌನ್‌ಲೋಡ್ ಮಾಡಿಕೊಂಡು ಓದಿರಿ.
GET IT ON
Google Play
Download on the
App Store
MILESTONE GLOBAL LIMITED
CIN: L93000KA1990PLC011082
54-B, HOSKOTE INDUSTRIAL AREA (KIADB), CHINTAMANI ROAD, HOSKOTE - 562 114
Website: www.milestonegloballimited.com | E-mail: alkagl@yahoo.com.
EXTRACT OF STANDALONE AND CONSOLIDATED UNAUDITED FINANCIAL RESULTS
FOR QUARTER AND HALF YEAR ENDED 30TH SEPTEMBER 2025
( Rs. In Lakhs)
Sl. No.	Particulars	STANDALONE			CONSOLIDATED		
		Three Months Ended	Half Year Ended	Corresponding Three Months Ended	Three Months Ended	Half Year Ended	Corresponding Three Months Ended
		30.09.2025	30.09.2025	30.09.2024	30.09.2025	30.09.2025	30.09.2024
		Unaudited	Unaudited	Unaudited	Unaudited	Unaudited	Unaudited
1	Total Income from Operations(Net)	356.01	667.29	263.58	364.68	782.26	358.10
2	Net Profit / (Loss) for the period before tax , Exceptional & Extraordinary items	7.92	36.76	(0.25)	(10.41)	32.82	4.38
3	Net Profit / (Loss) for the period before tax , after Exceptional & Extraordinary items	7.92	36.76	(0.25)	(10.41)	32.82	4.38
4	Net Profit / (Loss) for the period after tax, Exceptional & Extraordinary items	7.92	36.76	(0.25)	(10.41)	32.82	4.38
5	Total Comprehensive Income for the period (Comprising profit after tax and other comprehensive income)	7.92	36.76	(0.25)	(11.18)	23.07	6.04
6	Equity Share Capital (Face value of Rs.10/- Per share)	501.75	501.75	501.75	501.75	501.75	501.75
7	Earnings per share (of Rs.10/- each) (Not Annualized)						
i	Basic	0.16	0.73	(0.01)	(0.22)	0.46	0.12
ii	Diluted	0.16	0.73	(0.01)	(0.22)	0.46	0.12
Note: The above is an extract of the detailed format of Quarterly and Half-Yearly Financial Results filed with the Stock Exchange under Regulation 33 of the SEBI(Listing and Other Disclosure Requirements) Regulations, 2015.The Full Format of the Quarterly and half year financials Results are available on the Stock Exchange Website: www.bseindia.com, and also available on the company,s website www.milestonegloballimited.com
Place: NEW DELHI
Date : 14.11.2025
For and on behalf of the Board of Directors
Sd/-
ALOK KRISHNA AGARWAL
Chairman
DIN NO: 00127273
